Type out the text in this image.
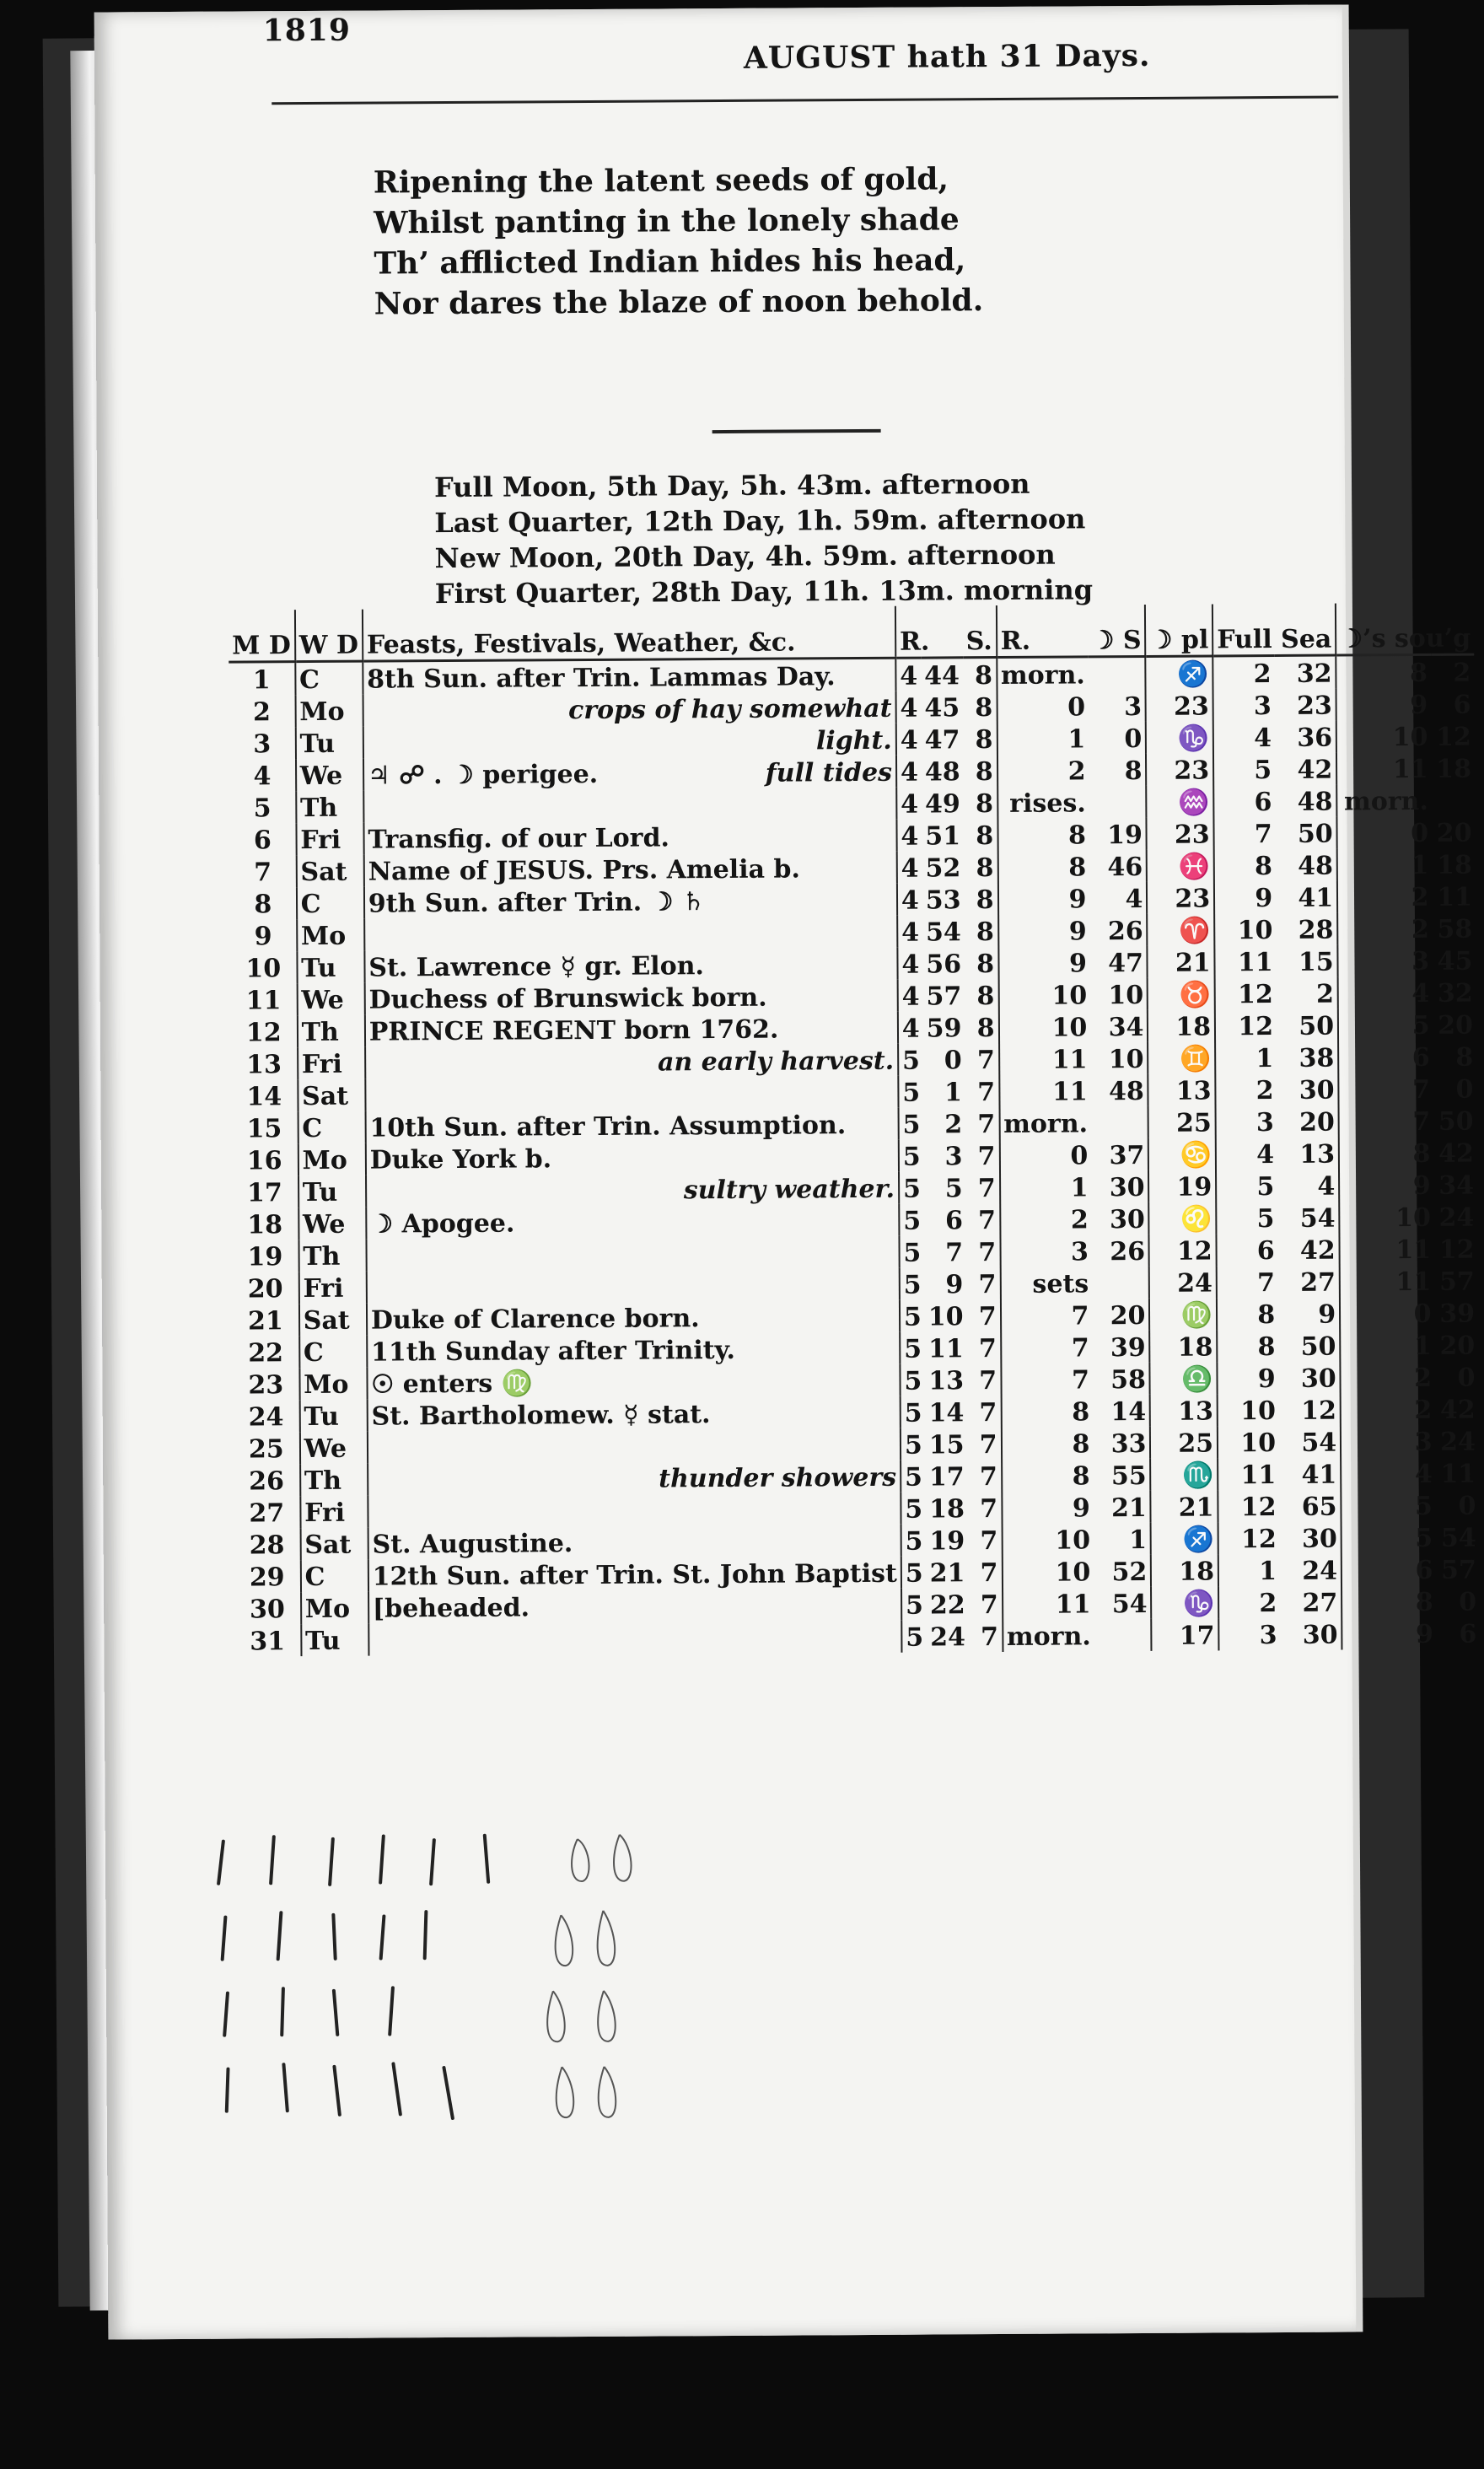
1819
AUGUST hath 31 Days.
Ripening the latent seeds of gold,
Whilst panting in the lonely shade
Th’ afflicted Indian hides his head,
Nor dares the blaze of noon behold.
Full Moon, 5th Day, 5h. 43m. afternoon
Last Quarter, 12th Day, 1h. 59m. afternoon
New Moon, 20th Day, 4h. 59m. afternoon
First Quarter, 28th Day, 11h. 13m. morning
M D	W D	Feasts, Festivals, Weather, &c.	R.		S.	R.	☽ S	☽ pl	Full Sea		☽’s sou’g	
1	C	8th Sun. after Trin. Lammas Day.	4	44	8	morn.		♐	2	32	8	2
2	Mo	crops of hay somewhat	4	45	8	0	3	23	3	23	9	6
3	Tu	light.	4	47	8	1	0	♑	4	36	10	12
4	We	♃ ☍ . ☽ perigee. full tides	4	48	8	2	8	23	5	42	11	18
5	Th		4	49	8	rises.		♒	6	48	morn.	
6	Fri	Transfig. of our Lord.	4	51	8	8	19	23	7	50	0	20
7	Sat	Name of JESUS. Prs. Amelia b.	4	52	8	8	46	♓	8	48	1	18
8	C	9th Sun. after Trin. ☽ ♄	4	53	8	9	4	23	9	41	2	11
9	Mo		4	54	8	9	26	♈	10	28	2	58
10	Tu	St. Lawrence ☿ gr. Elon.	4	56	8	9	47	21	11	15	3	45
11	We	Duchess of Brunswick born.	4	57	8	10	10	♉	12	2	4	32
12	Th	PRINCE REGENT born 1762.	4	59	8	10	34	18	12	50	5	20
13	Fri	an early harvest.	5	0	7	11	10	♊	1	38	6	8
14	Sat		5	1	7	11	48	13	2	30	7	0
15	C	10th Sun. after Trin. Assumption.	5	2	7	morn.		25	3	20	7	50
16	Mo	Duke York b.	5	3	7	0	37	♋	4	13	8	42
17	Tu	sultry weather.	5	5	7	1	30	19	5	4	9	34
18	We	☽ Apogee.	5	6	7	2	30	♌	5	54	10	24
19	Th		5	7	7	3	26	12	6	42	11	12
20	Fri		5	9	7	sets		24	7	27	11	57
21	Sat	Duke of Clarence born.	5	10	7	7	20	♍	8	9	0	39
22	C	11th Sunday after Trinity.	5	11	7	7	39	18	8	50	1	20
23	Mo	☉ enters ♍	5	13	7	7	58	♎	9	30	2	0
24	Tu	St. Bartholomew. ☿ stat.	5	14	7	8	14	13	10	12	2	42
25	We		5	15	7	8	33	25	10	54	3	24
26	Th	thunder showers	5	17	7	8	55	♏	11	41	4	11
27	Fri		5	18	7	9	21	21	12	65	5	0
28	Sat	St. Augustine.	5	19	7	10	1	♐	12	30	5	54
29	C	12th Sun. after Trin. St. John Baptist	5	21	7	10	52	18	1	24	6	57
30	Mo	[beheaded.	5	22	7	11	54	♑	2	27	8	0
31	Tu		5	24	7	morn.		17	3	30	9	6
